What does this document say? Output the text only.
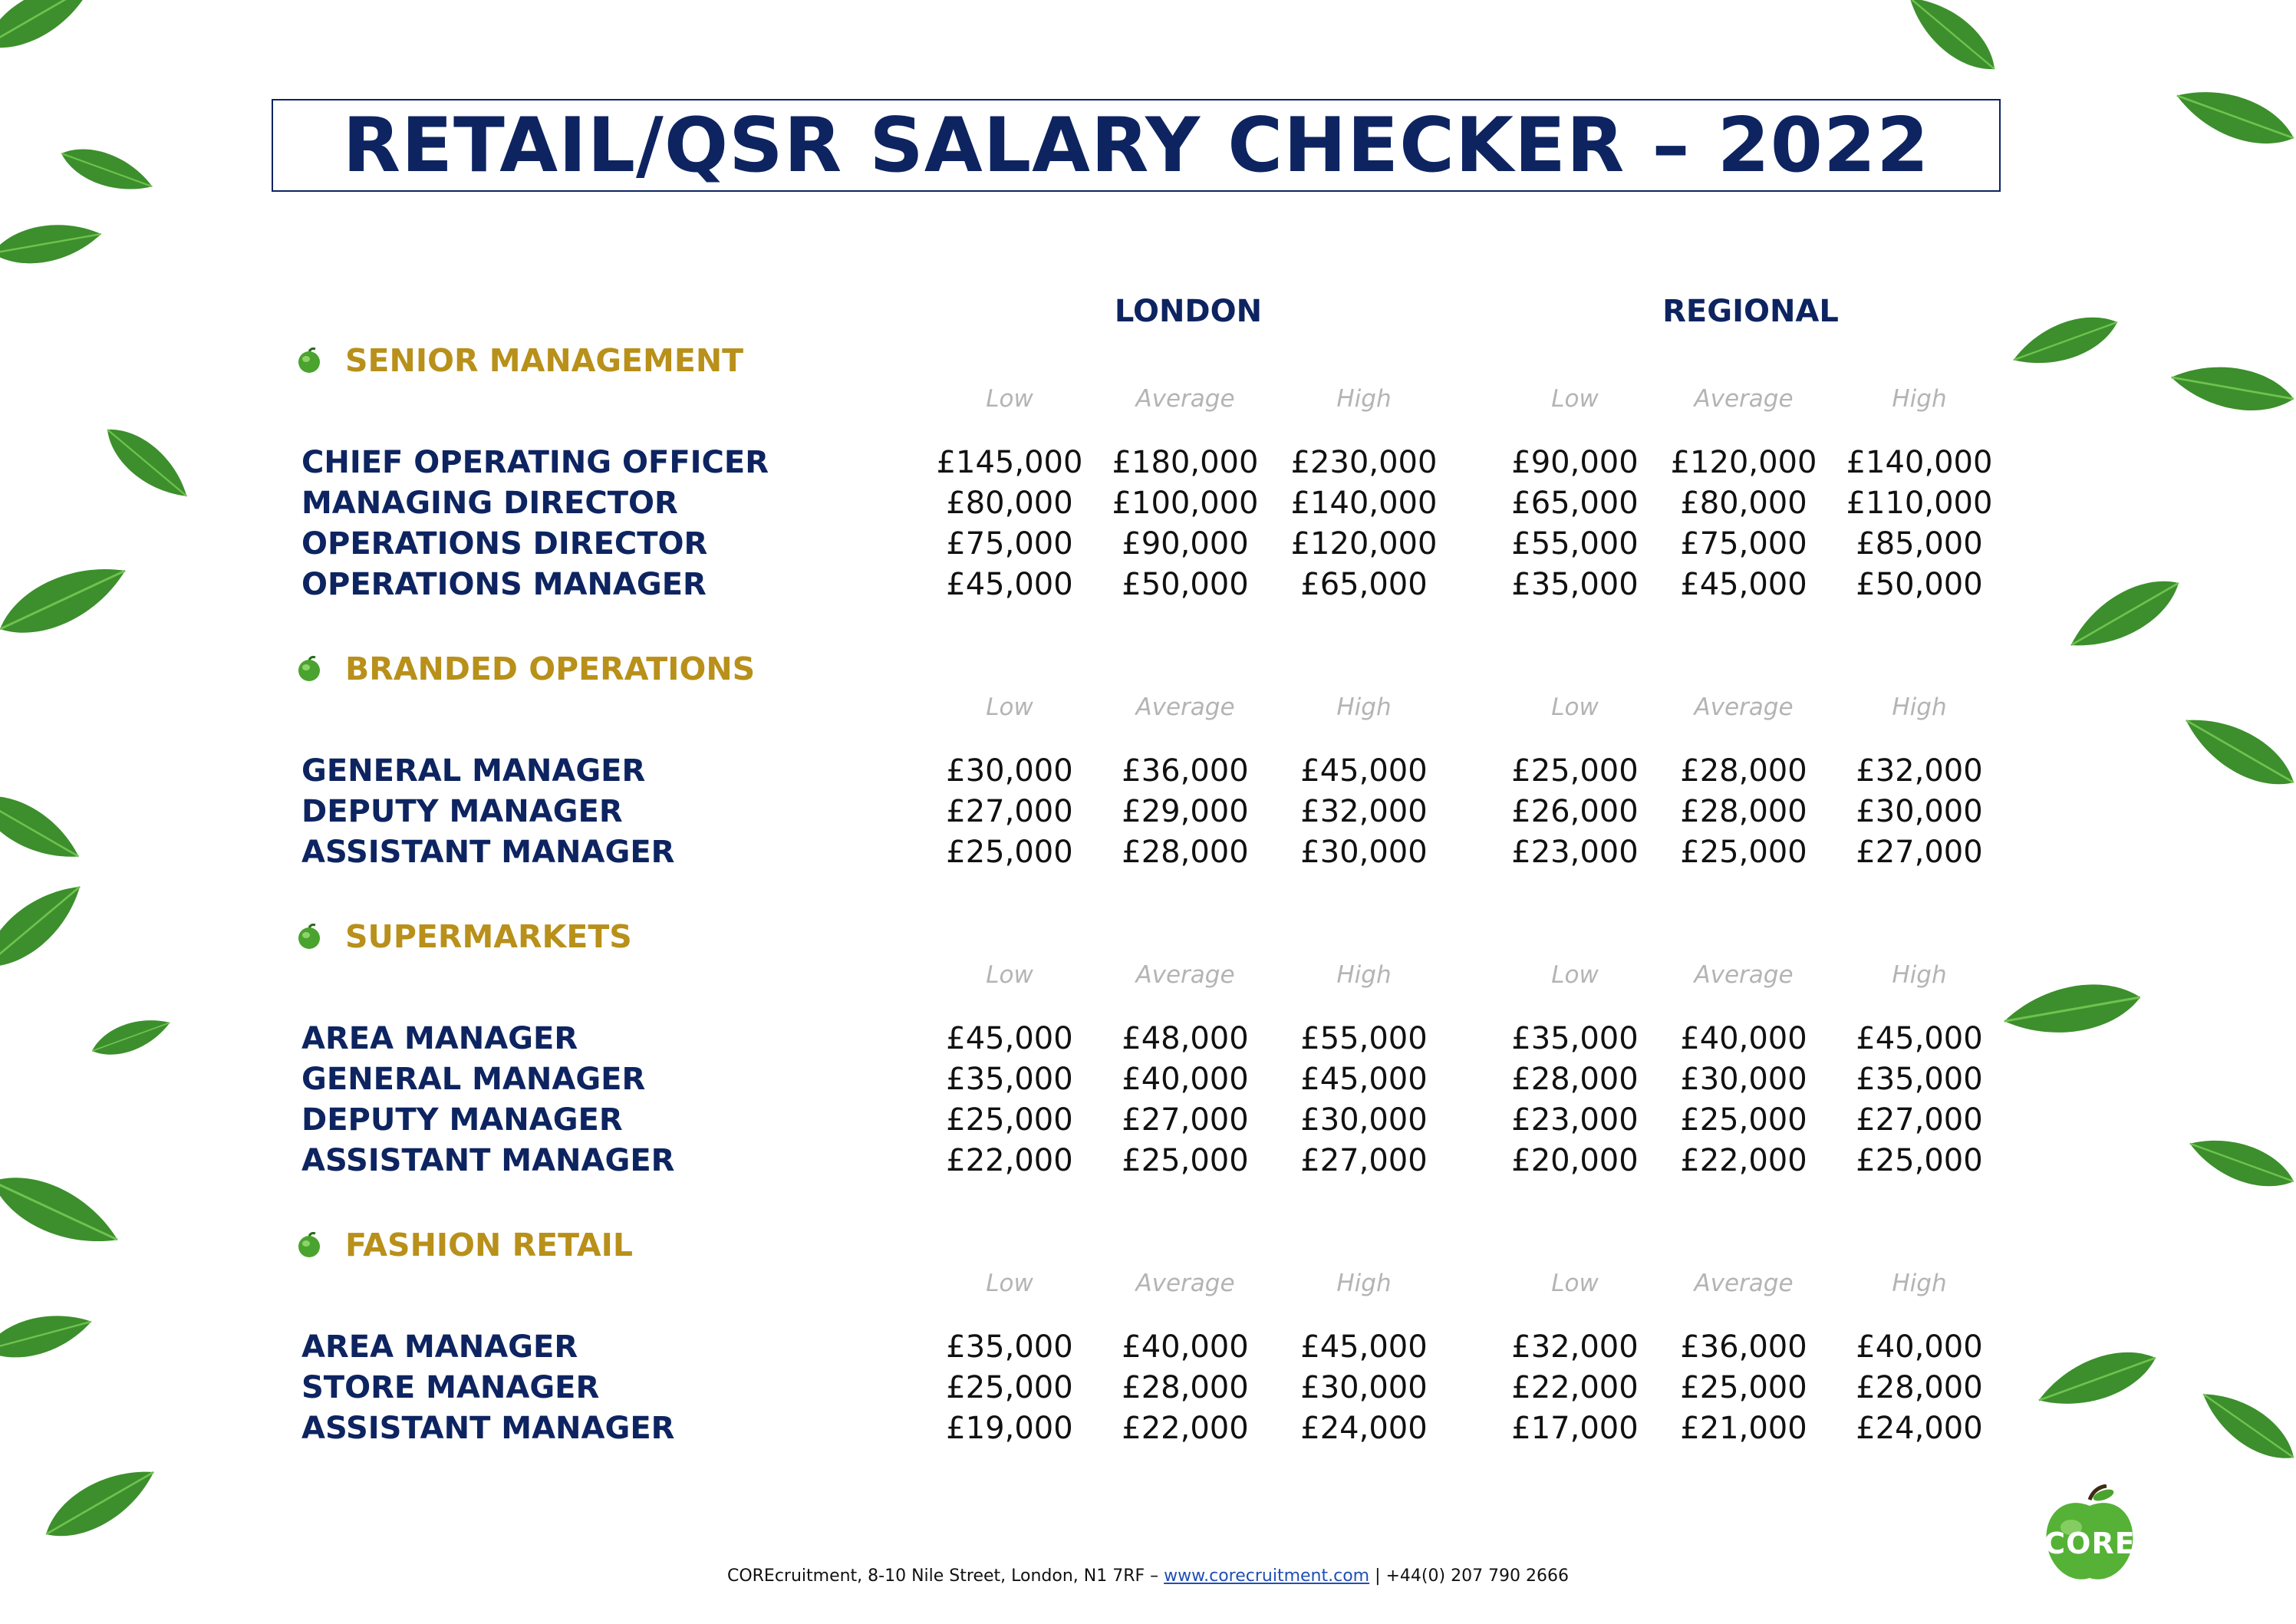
RETAIL/QSR SALARY CHECKER – 2022
LONDON	REGIONAL
SENIOR MANAGEMENT
Low	Average	High	Low	Average	High
CHIEF OPERATING OFFICER	£145,000 £180,000	£230,000	£90,000	£120,000 £140,000
MANAGING DIRECTOR	£80,000	£100,000	£140,000	£65,000	£80,000	£110,000
OPERATIONS DIRECTOR	£75,000	£90,000	£120,000	£55,000	£75,000	£85,000
OPERATIONS MANAGER	£45,000	£50,000	£65,000	£35,000	£45,000	£50,000
BRANDED OPERATIONS
Low	Average	High	Low	Average	High
GENERAL MANAGER	£30,000	£36,000	£45,000	£25,000	£28,000	£32,000
DEPUTY MANAGER	£27,000	£29,000	£32,000	£26,000	£28,000	£30,000
ASSISTANT MANAGER	£25,000	£28,000	£30,000	£23,000	£25,000	£27,000
SUPERMARKETS
Low	Average	High	Low	Average	High
AREA MANAGER	£45,000	£48,000	£55,000	£35,000	£40,000	£45,000
GENERAL MANAGER	£35,000	£40,000	£45,000	£28,000	£30,000	£35,000
DEPUTY MANAGER	£25,000	£27,000	£30,000	£23,000	£25,000	£27,000
ASSISTANT MANAGER	£22,000	£25,000	£27,000	£20,000	£22,000	£25,000
FASHION RETAIL
Low	Average	High	Low	Average	High
AREA MANAGER	£35,000	£40,000	£45,000	£32,000	£36,000	£40,000
STORE MANAGER	£25,000	£28,000	£30,000	£22,000	£25,000	£28,000
ASSISTANT MANAGER	£19,000	£22,000	£24,000	£17,000	£21,000	£24,000
CORE
COREcruitment, 8-10 Nile Street, London, N1 7RF – www.corecruitment.com | +44(0) 207 790 2666
